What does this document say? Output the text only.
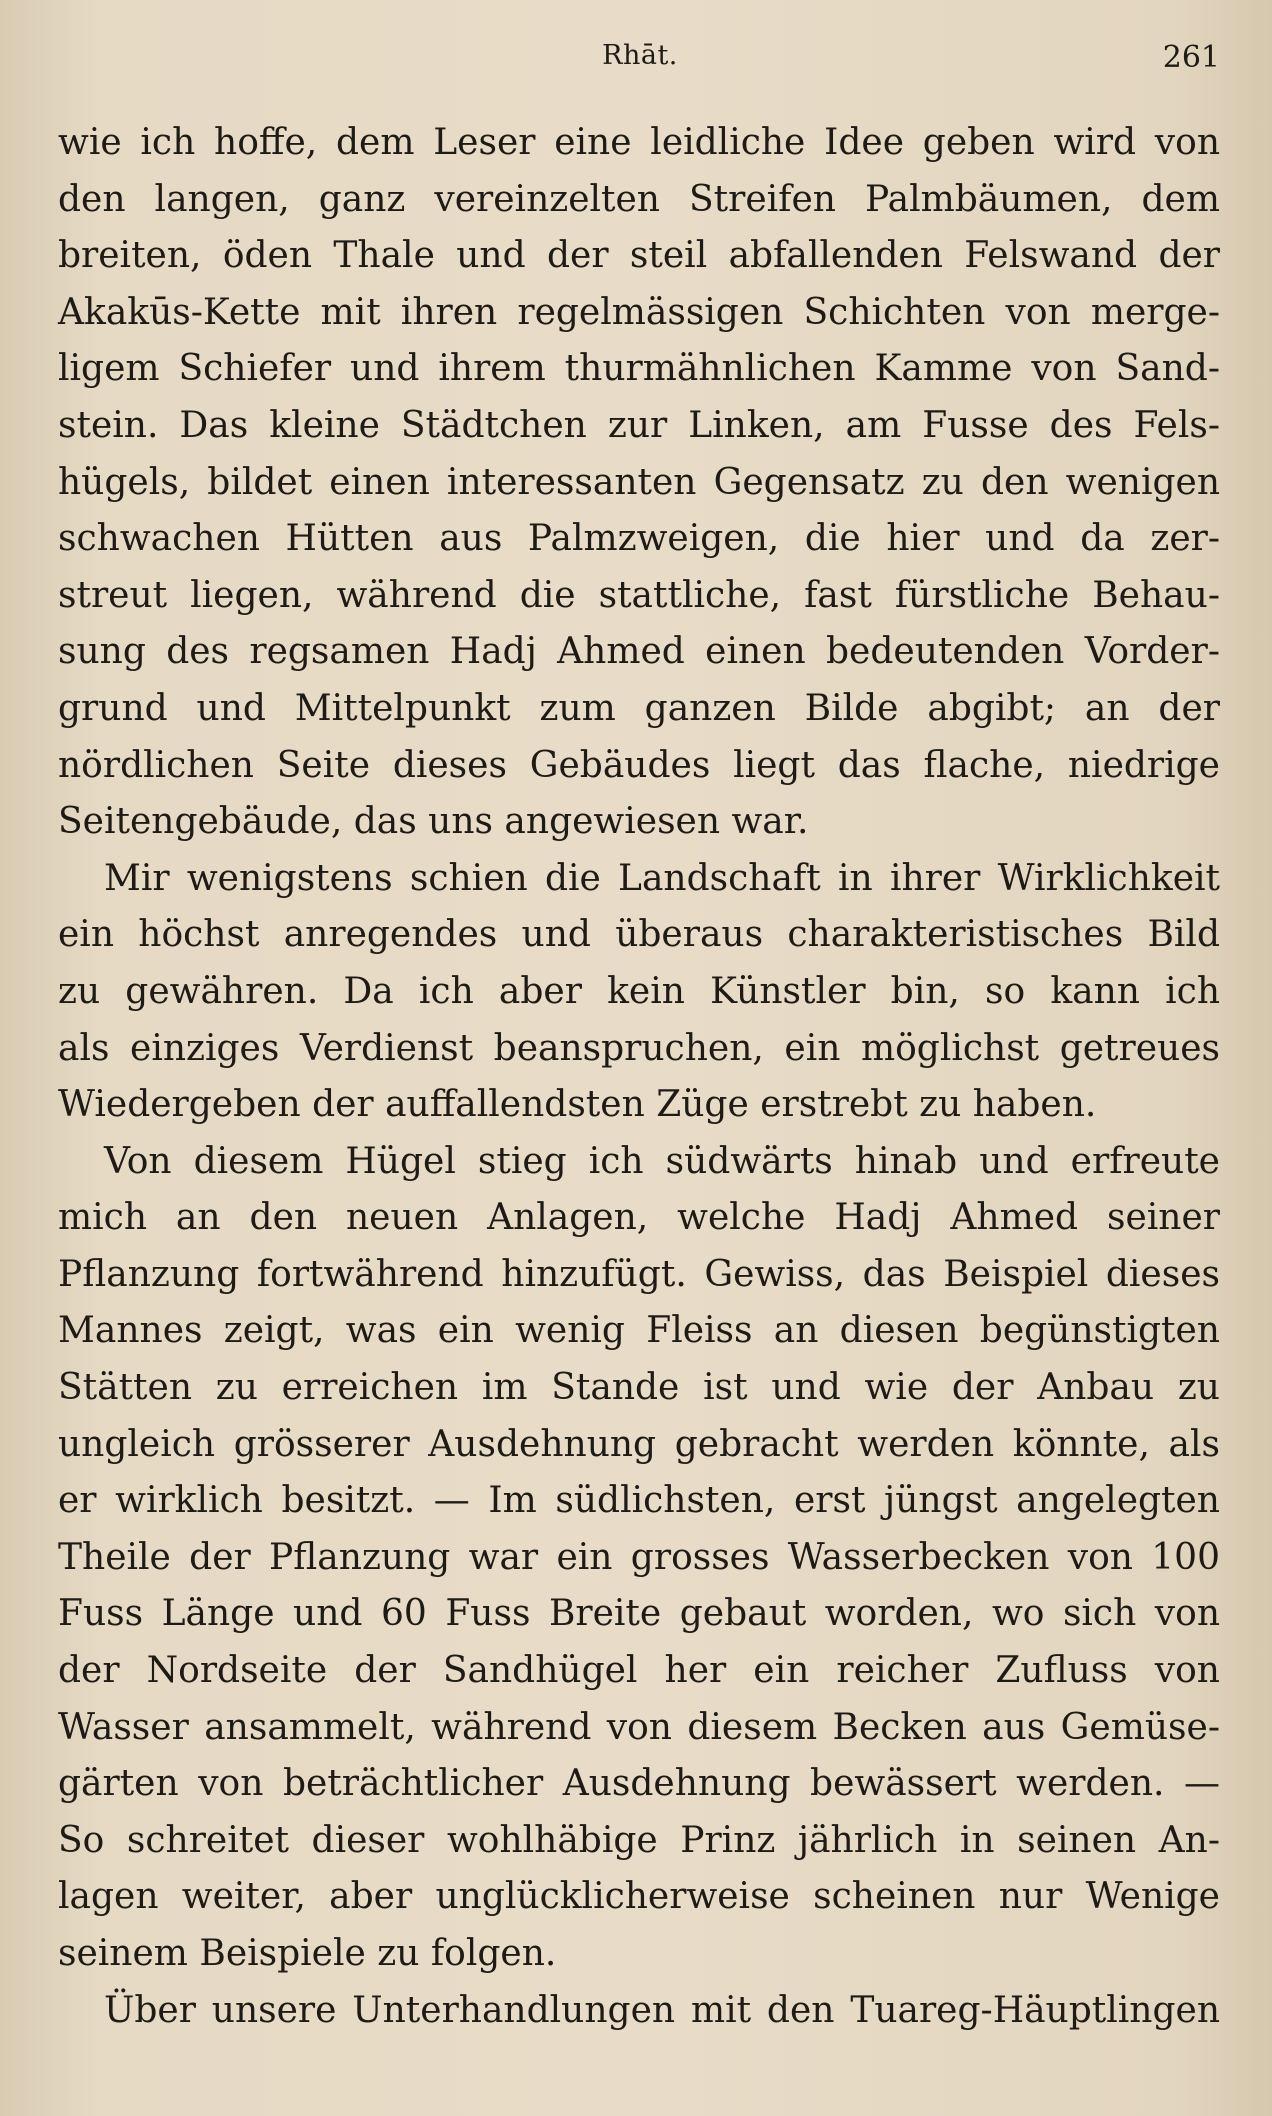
Rhāt.	261
wie ich hoffe, dem Leser eine leidliche Idee geben wird von
den langen, ganz vereinzelten Streifen Palmbäumen, dem
breiten, öden Thale und der steil abfallenden Felswand der
Akakūs-Kette mit ihren regelmässigen Schichten von merge-
ligem Schiefer und ihrem thurmähnlichen Kamme von Sand-
stein. Das kleine Städtchen zur Linken, am Fusse des Fels-
hügels, bildet einen interessanten Gegensatz zu den wenigen
schwachen Hütten aus Palmzweigen, die hier und da zer-
streut liegen, während die stattliche, fast fürstliche Behau-
sung des regsamen Hadj Ahmed einen bedeutenden Vorder-
grund und Mittelpunkt zum ganzen Bilde abgibt; an der
nördlichen Seite dieses Gebäudes liegt das flache, niedrige
Seitengebäude, das uns angewiesen war.
Mir wenigstens schien die Landschaft in ihrer Wirklichkeit
ein höchst anregendes und überaus charakteristisches Bild
zu gewähren. Da ich aber kein Künstler bin, so kann ich
als einziges Verdienst beanspruchen, ein möglichst getreues
Wiedergeben der auffallendsten Züge erstrebt zu haben.
Von diesem Hügel stieg ich südwärts hinab und erfreute
mich an den neuen Anlagen, welche Hadj Ahmed seiner
Pflanzung fortwährend hinzufügt. Gewiss, das Beispiel dieses
Mannes zeigt, was ein wenig Fleiss an diesen begünstigten
Stätten zu erreichen im Stande ist und wie der Anbau zu
ungleich grösserer Ausdehnung gebracht werden könnte, als
er wirklich besitzt. — Im südlichsten, erst jüngst angelegten
Theile der Pflanzung war ein grosses Wasserbecken von 100
Fuss Länge und 60 Fuss Breite gebaut worden, wo sich von
der Nordseite der Sandhügel her ein reicher Zufluss von
Wasser ansammelt, während von diesem Becken aus Gemüse-
gärten von beträchtlicher Ausdehnung bewässert werden. —
So schreitet dieser wohlhäbige Prinz jährlich in seinen An-
lagen weiter, aber unglücklicherweise scheinen nur Wenige
seinem Beispiele zu folgen.
Über unsere Unterhandlungen mit den Tuareg-Häuptlingen
